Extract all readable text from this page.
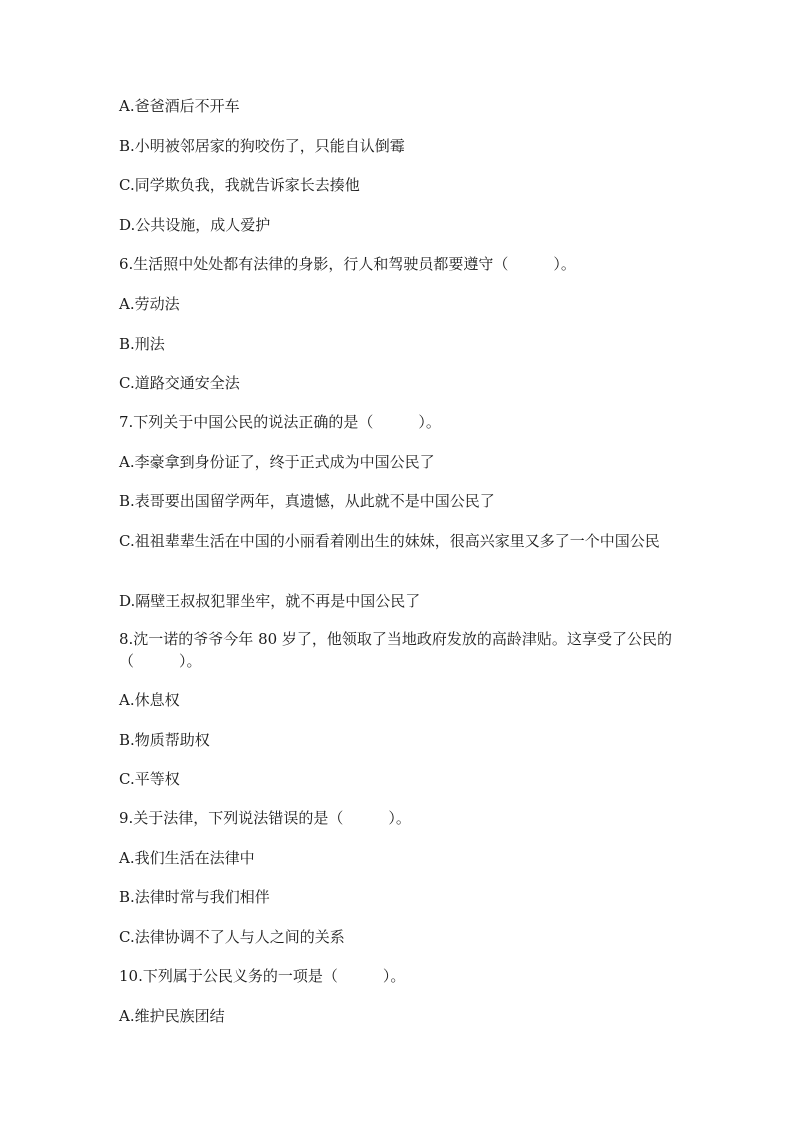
A.爸爸酒后不开车
B.小明被邻居家的狗咬伤了，只能自认倒霉
C.同学欺负我，我就告诉家长去揍他
D.公共设施，成人爱护
6.生活照中处处都有法律的身影，行人和驾驶员都要遵守（　　　）。
A.劳动法
B.刑法
C.道路交通安全法
7.下列关于中国公民的说法正确的是（　　　）。
A.李豪拿到身份证了，终于正式成为中国公民了
B.表哥要出国留学两年，真遗憾，从此就不是中国公民了
C.祖祖辈辈生活在中国的小丽看着刚出生的妹妹，很高兴家里又多了一个中国公民
D.隔壁王叔叔犯罪坐牢，就不再是中国公民了
8.沈一诺的爷爷今年 80 岁了，他领取了当地政府发放的高龄津贴。这享受了公民的（　　　）。
A.休息权
B.物质帮助权
C.平等权
9.关于法律，下列说法错误的是（　　　）。
A.我们生活在法律中
B.法律时常与我们相伴
C.法律协调不了人与人之间的关系
10.下列属于公民义务的一项是（　　　）。
A.维护民族团结
